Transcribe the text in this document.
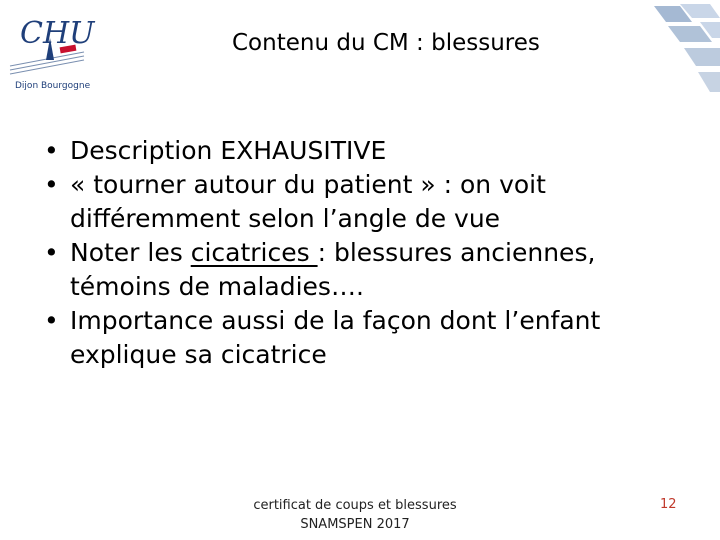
CHU
Dijon Bourgogne
Contenu du CM : blessures

• Description EXHAUSITIVE

• « tourner autour du patient » : on voit différemment selon l’angle de vue

• Noter les cicatrices : blessures anciennes, témoins de maladies….

• Importance aussi de la façon dont l’enfant explique sa cicatrice

certificat de coups et blessures
SNAMSPEN 2017
12
